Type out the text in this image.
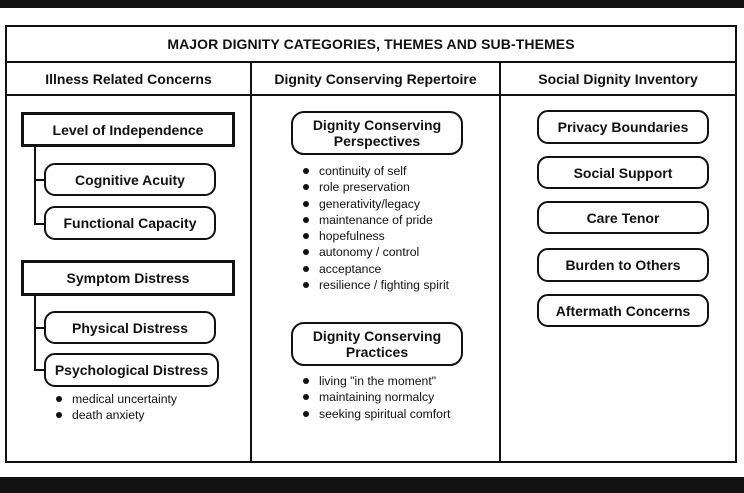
MAJOR DIGNITY CATEGORIES, THEMES AND SUB-THEMES
Illness Related Concerns	Dignity Conserving Repertoire	Social Dignity Inventory
Level of Independence
Cognitive Acuity
Functional Capacity
Symptom Distress
Physical Distress
Psychological Distress
medical uncertainty
death anxiety
Dignity Conserving Perspectives
continuity of self
role preservation
generativity/legacy
maintenance of pride
hopefulness
autonomy / control
acceptance
resilience / fighting spirit
Dignity Conserving Practices
living "in the moment"
maintaining normalcy
seeking spiritual comfort
Privacy Boundaries
Social Support
Care Tenor
Burden to Others
Aftermath Concerns
